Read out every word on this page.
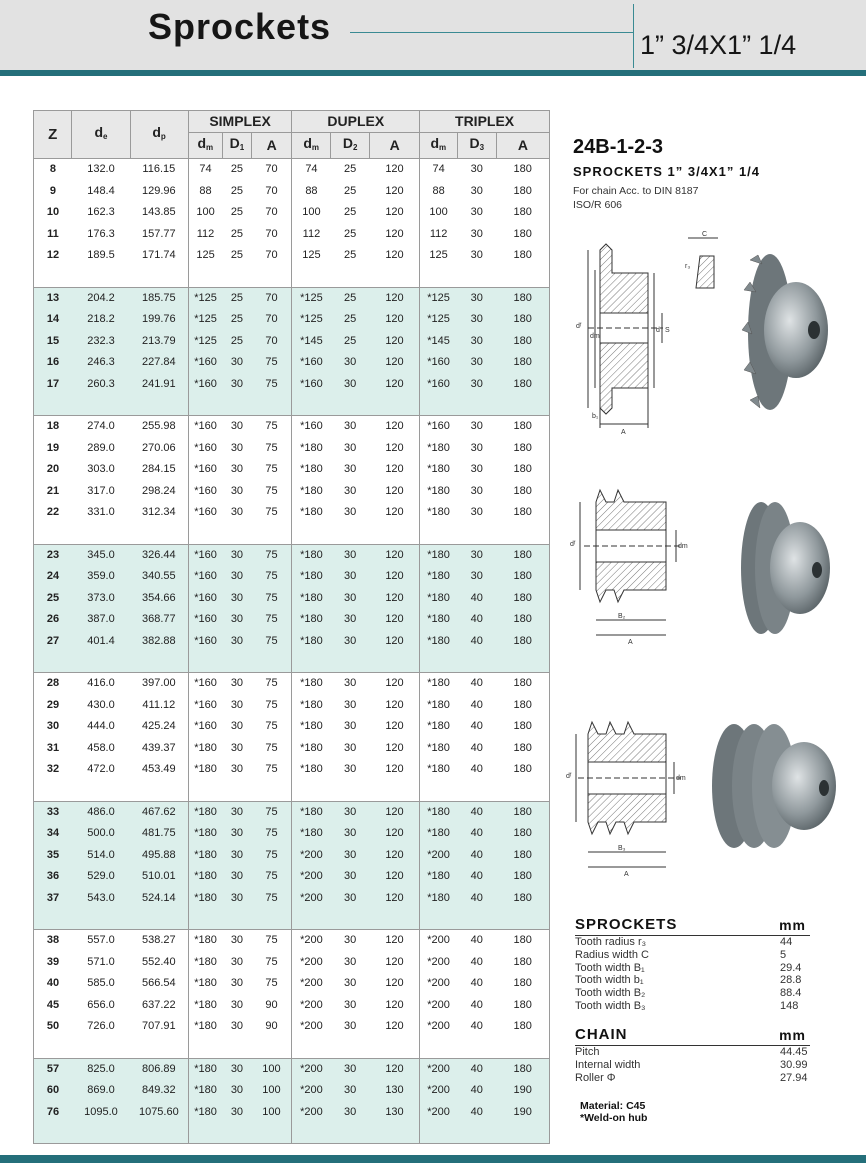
Sprockets	1” 3/4X1” 1/4
Z	$d_e$	$d_p$	SIMPLEX			DUPLEX			TRIPLEX		
			$d_m$	$D_1$	A	$d_m$	$D_2$	A	$d_m$	$D_3$	A
8	132.0	116.15	74	25	70	74	25	120	74	30	180
9	148.4	129.96	88	25	70	88	25	120	88	30	180
10	162.3	143.85	100	25	70	100	25	120	100	30	180
11	176.3	157.77	112	25	70	112	25	120	112	30	180
12	189.5	171.74	125	25	70	125	25	120	125	30	180

13	204.2	185.75	*125	25	70	*125	25	120	*125	30	180
14	218.2	199.76	*125	25	70	*125	25	120	*125	30	180
15	232.3	213.79	*125	25	70	*145	25	120	*145	30	180
16	246.3	227.84	*160	30	75	*160	30	120	*160	30	180
17	260.3	241.91	*160	30	75	*160	30	120	*160	30	180

18	274.0	255.98	*160	30	75	*160	30	120	*160	30	180
19	289.0	270.06	*160	30	75	*180	30	120	*180	30	180
20	303.0	284.15	*160	30	75	*180	30	120	*180	30	180
21	317.0	298.24	*160	30	75	*180	30	120	*180	30	180
22	331.0	312.34	*160	30	75	*180	30	120	*180	30	180

23	345.0	326.44	*160	30	75	*180	30	120	*180	30	180
24	359.0	340.55	*160	30	75	*180	30	120	*180	30	180
25	373.0	354.66	*160	30	75	*180	30	120	*180	40	180
26	387.0	368.77	*160	30	75	*180	30	120	*180	40	180
27	401.4	382.88	*160	30	75	*180	30	120	*180	40	180

28	416.0	397.00	*160	30	75	*180	30	120	*180	40	180
29	430.0	411.12	*160	30	75	*180	30	120	*180	40	180
30	444.0	425.24	*160	30	75	*180	30	120	*180	40	180
31	458.0	439.37	*180	30	75	*180	30	120	*180	40	180
32	472.0	453.49	*180	30	75	*180	30	120	*180	40	180

33	486.0	467.62	*180	30	75	*180	30	120	*180	40	180
34	500.0	481.75	*180	30	75	*180	30	120	*180	40	180
35	514.0	495.88	*180	30	75	*200	30	120	*200	40	180
36	529.0	510.01	*180	30	75	*200	30	120	*180	40	180
37	543.0	524.14	*180	30	75	*200	30	120	*180	40	180

38	557.0	538.27	*180	30	75	*200	30	120	*200	40	180
39	571.0	552.40	*180	30	75	*200	30	120	*200	40	180
40	585.0	566.54	*180	30	75	*200	30	120	*200	40	180
45	656.0	637.22	*180	30	90	*200	30	120	*200	40	180
50	726.0	707.91	*180	30	90	*200	30	120	*200	40	180

57	825.0	806.89	*180	30	100	*200	30	120	*200	40	180
60	869.0	849.32	*180	30	100	*200	30	130	*200	40	190
76	1095.0	1075.60	*180	30	100	*200	30	130	*200	40	190

24B-1-2-3
SPROCKETS 1” 3/4X1” 1/4
For chain Acc. to DIN 8187
ISO/R 606
dᶠ
dm
d S
A
b₁
C
r₃
dᶠ	dm
B₂
A
dᶠ	dm
B₃
A
SPROCKETS	mm
Tooth radius r₃	44
Radius width C	5
Tooth width B₁	29.4
Tooth width b₁	28.8
Tooth width B₂	88.4
Tooth width B₃	148
CHAIN	mm
Pitch	44.45
Internal width	30.99
Roller Φ	27.94
Material: C45
*Weld-on hub
